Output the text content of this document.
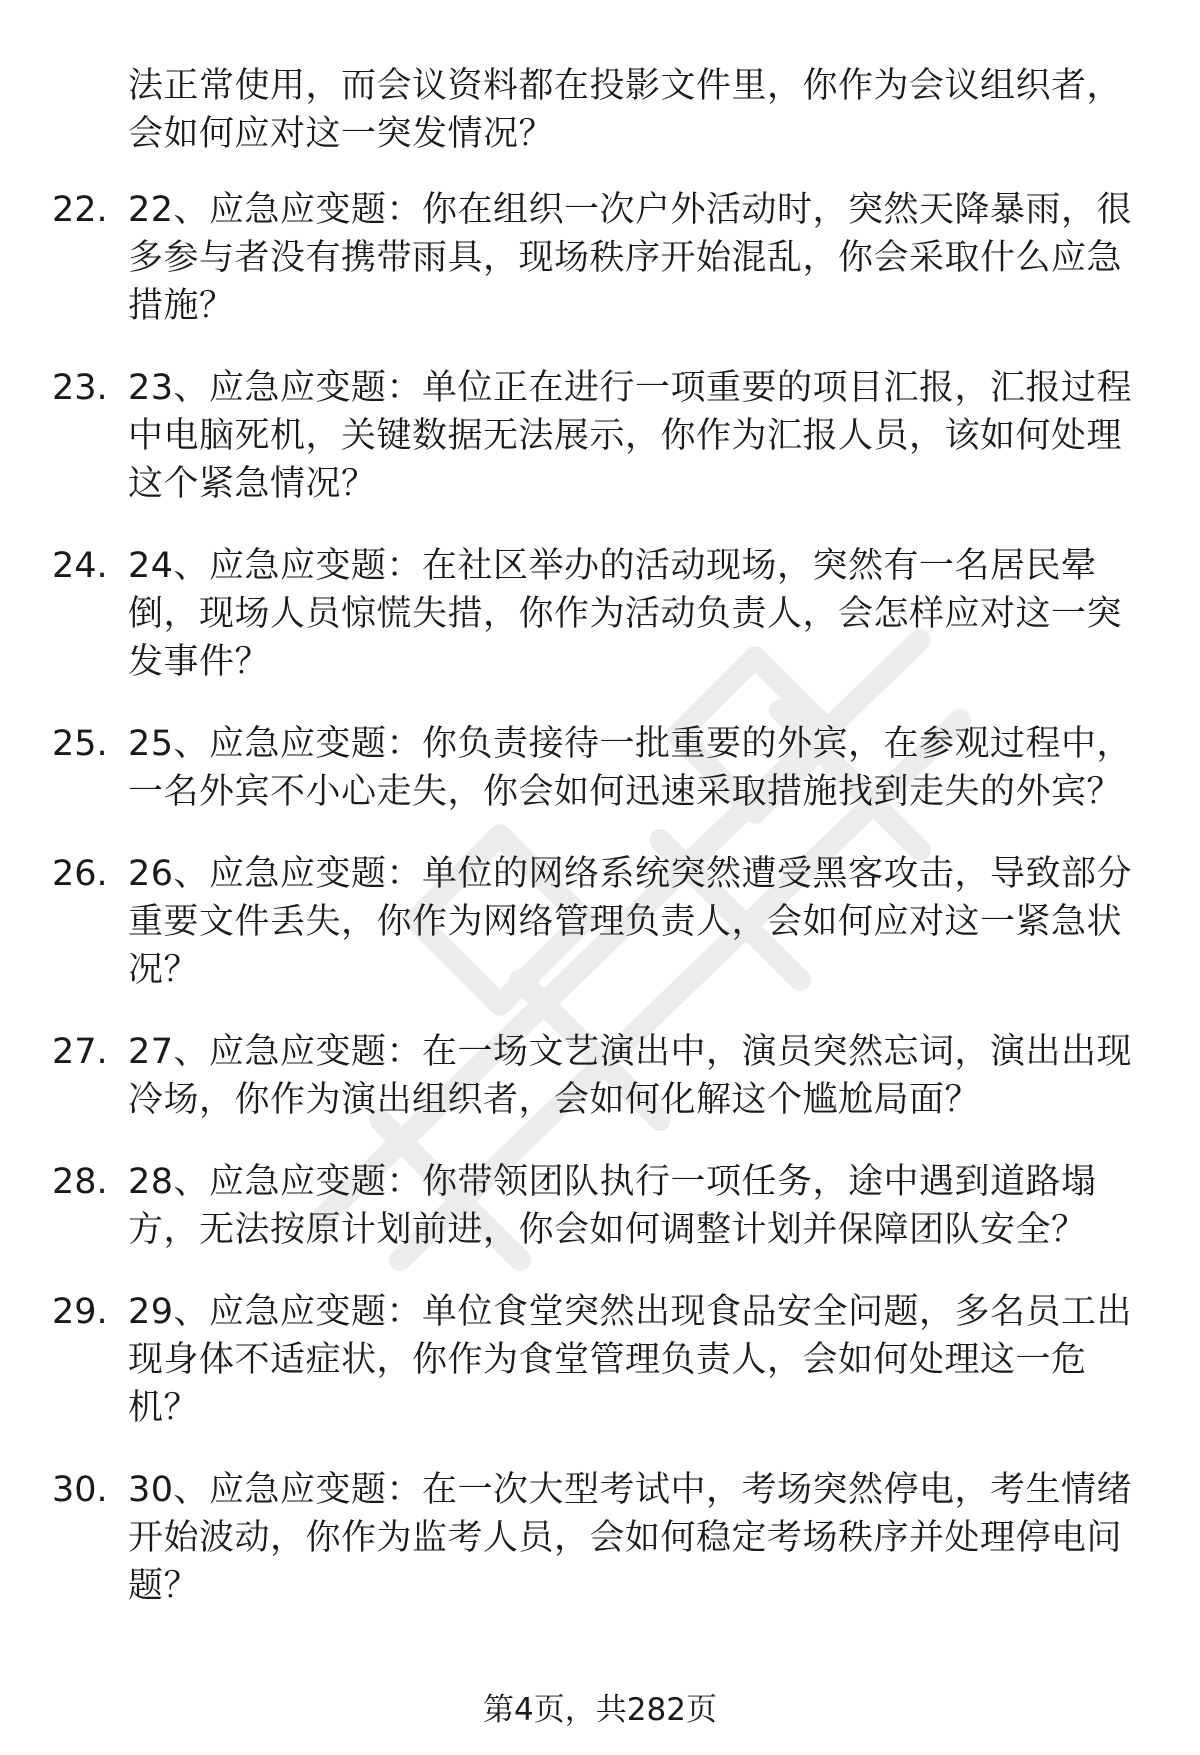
法正常使用，而会议资料都在投影文件里，你作为会议组织者，会如何应对这一突发情况？
22. 22、应急应变题：你在组织一次户外活动时，突然天降暴雨，很多参与者没有携带雨具，现场秩序开始混乱，你会采取什么应急措施？
23. 23、应急应变题：单位正在进行一项重要的项目汇报，汇报过程中电脑死机，关键数据无法展示，你作为汇报人员，该如何处理这个紧急情况？
24. 24、应急应变题：在社区举办的活动现场，突然有一名居民晕倒，现场人员惊慌失措，你作为活动负责人，会怎样应对这一突发事件？
25. 25、应急应变题：你负责接待一批重要的外宾，在参观过程中，一名外宾不小心走失，你会如何迅速采取措施找到走失的外宾？
26. 26、应急应变题：单位的网络系统突然遭受黑客攻击，导致部分重要文件丢失，你作为网络管理负责人，会如何应对这一紧急状况？
27. 27、应急应变题：在一场文艺演出中，演员突然忘词，演出出现冷场，你作为演出组织者，会如何化解这个尴尬局面？
28. 28、应急应变题：你带领团队执行一项任务，途中遇到道路塌方，无法按原计划前进，你会如何调整计划并保障团队安全？
29. 29、应急应变题：单位食堂突然出现食品安全问题，多名员工出现身体不适症状，你作为食堂管理负责人，会如何处理这一危机？
30. 30、应急应变题：在一次大型考试中，考场突然停电，考生情绪开始波动，你作为监考人员，会如何稳定考场秩序并处理停电问题？
第4页，共282页
